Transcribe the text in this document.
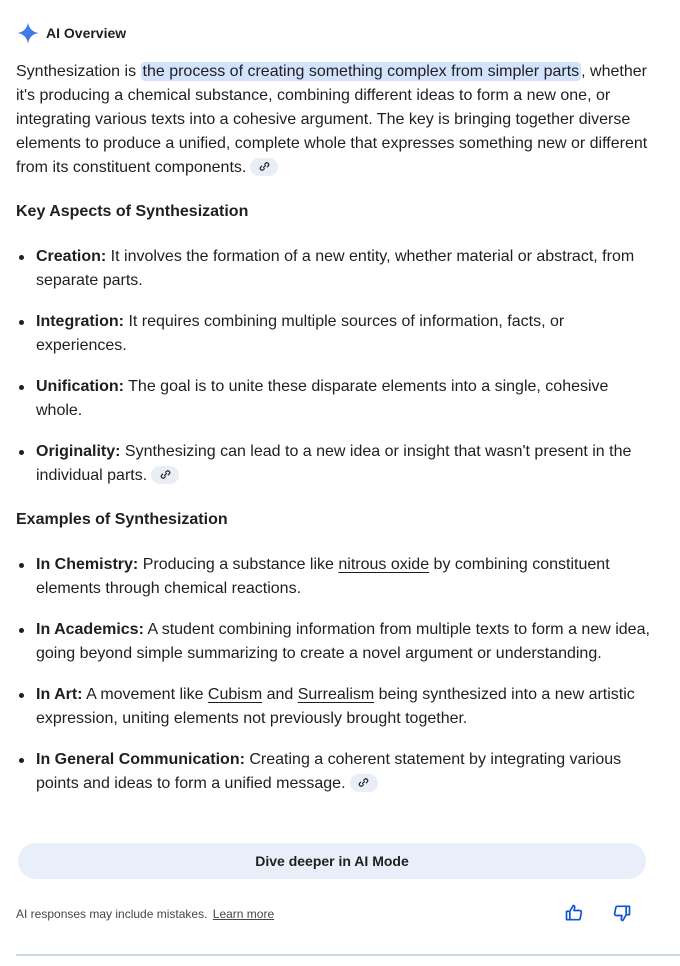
AI Overview

Synthesization is the process of creating something complex from simpler parts , whether it's producing a chemical substance, combining different ideas to form a new one, or integrating various texts into a cohesive argument. The key is bringing together diverse elements to produce a unified, complete whole that expresses something new or different from its constituent components.

Key Aspects of Synthesization
Creation: It involves the formation of a new entity, whether material or abstract, from separate parts.
Integration: It requires combining multiple sources of information, facts, or experiences.
Unification: The goal is to unite these disparate elements into a single, cohesive whole.
Originality: Synthesizing can lead to a new idea or insight that wasn't present in the individual parts.
Examples of Synthesization
In Chemistry: Producing a substance like nitrous oxide by combining constituent elements through chemical reactions.
In Academics: A student combining information from multiple texts to form a new idea, going beyond simple summarizing to create a novel argument or understanding.
In Art: A movement like Cubism and Surrealism being synthesized into a new artistic expression, uniting elements not previously brought together.
In General Communication: Creating a coherent statement by integrating various points and ideas to form a unified message.
Dive deeper in AI Mode
AI responses may include mistakes. Learn more
